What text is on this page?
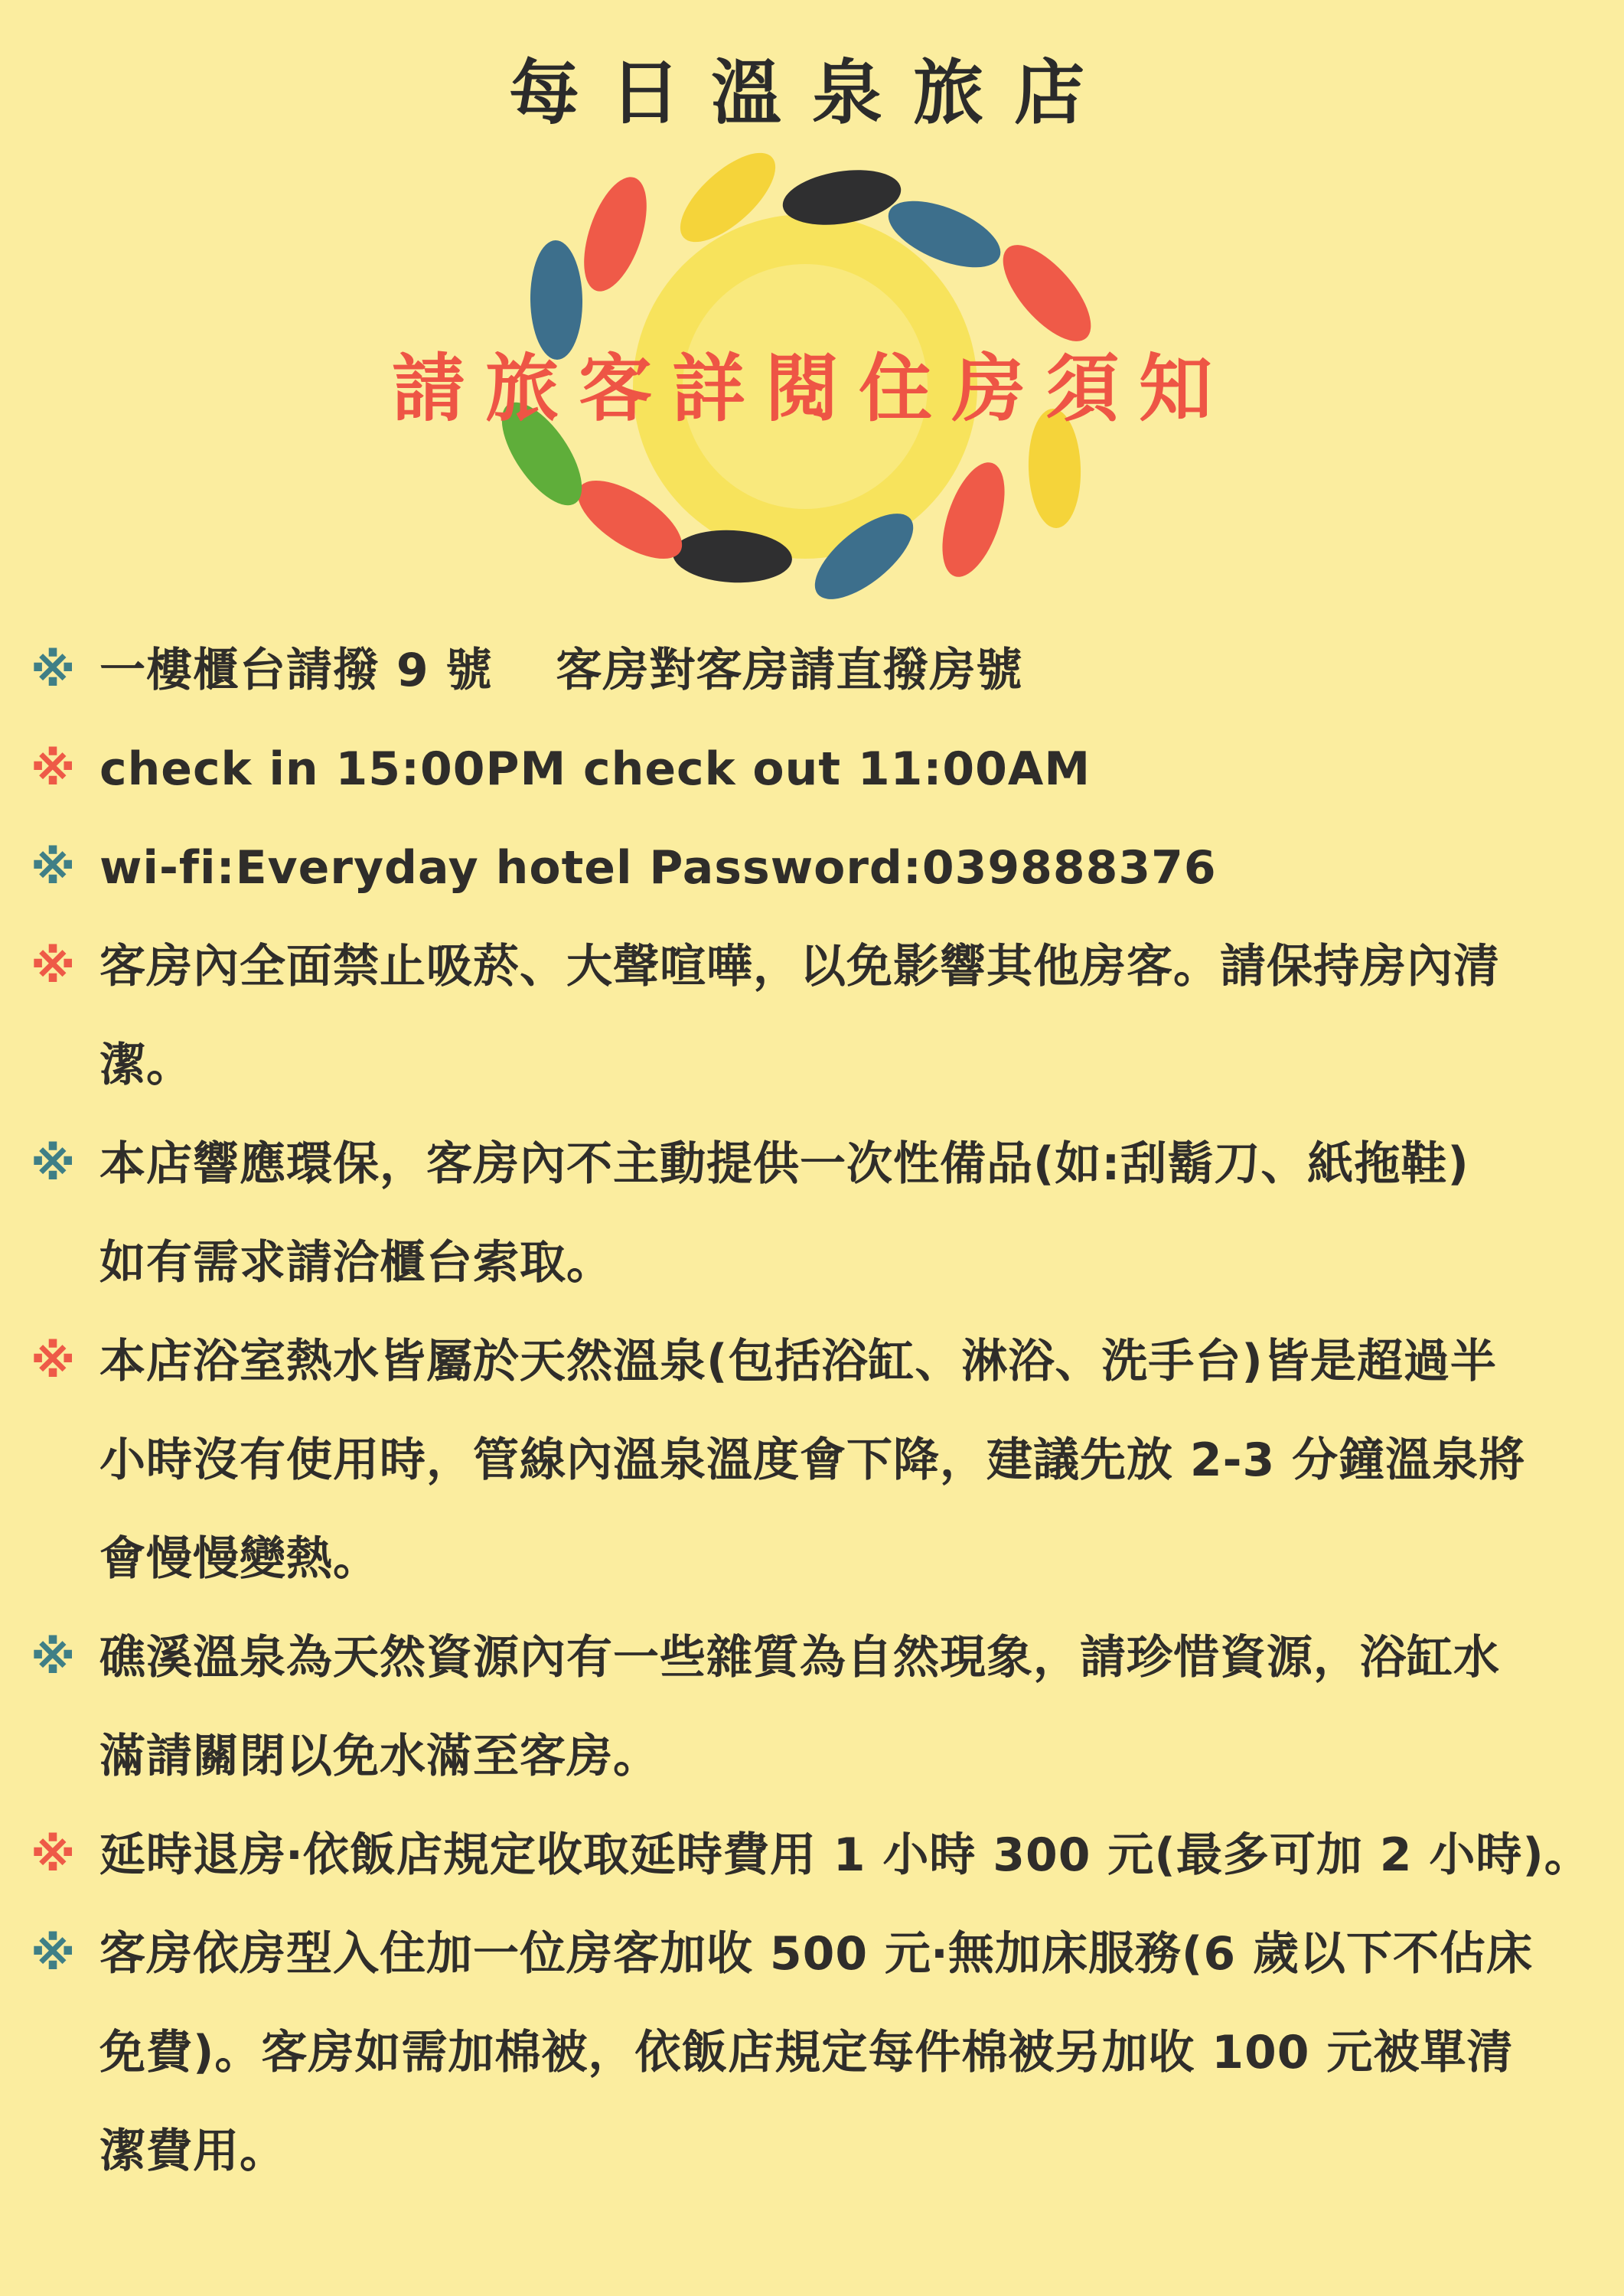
每日溫泉旅店
請旅客詳閱住房須知
※ 一樓櫃台請撥 9 號　 客房對客房請直撥房號
※ check in 15:00PM check out 11:00AM
※ wi-fi:Everyday hotel Password:039888376
※ 客房內全面禁止吸菸、大聲喧嘩，以免影響其他房客。請保持房內清
潔。
※ 本店響應環保，客房內不主動提供一次性備品(如:刮鬍刀、紙拖鞋)
如有需求請洽櫃台索取。
※ 本店浴室熱水皆屬於天然溫泉(包括浴缸、淋浴、洗手台)皆是超過半
小時沒有使用時，管線內溫泉溫度會下降，建議先放 2-3 分鐘溫泉將
會慢慢變熱。
※ 礁溪溫泉為天然資源內有一些雜質為自然現象，請珍惜資源，浴缸水
滿請關閉以免水滿至客房。
※ 延時退房‧依飯店規定收取延時費用 1 小時 300 元(最多可加 2 小時)。
※ 客房依房型入住加一位房客加收 500 元‧無加床服務(6 歲以下不佔床
免費)。客房如需加棉被，依飯店規定每件棉被另加收 100 元被單清
潔費用。
